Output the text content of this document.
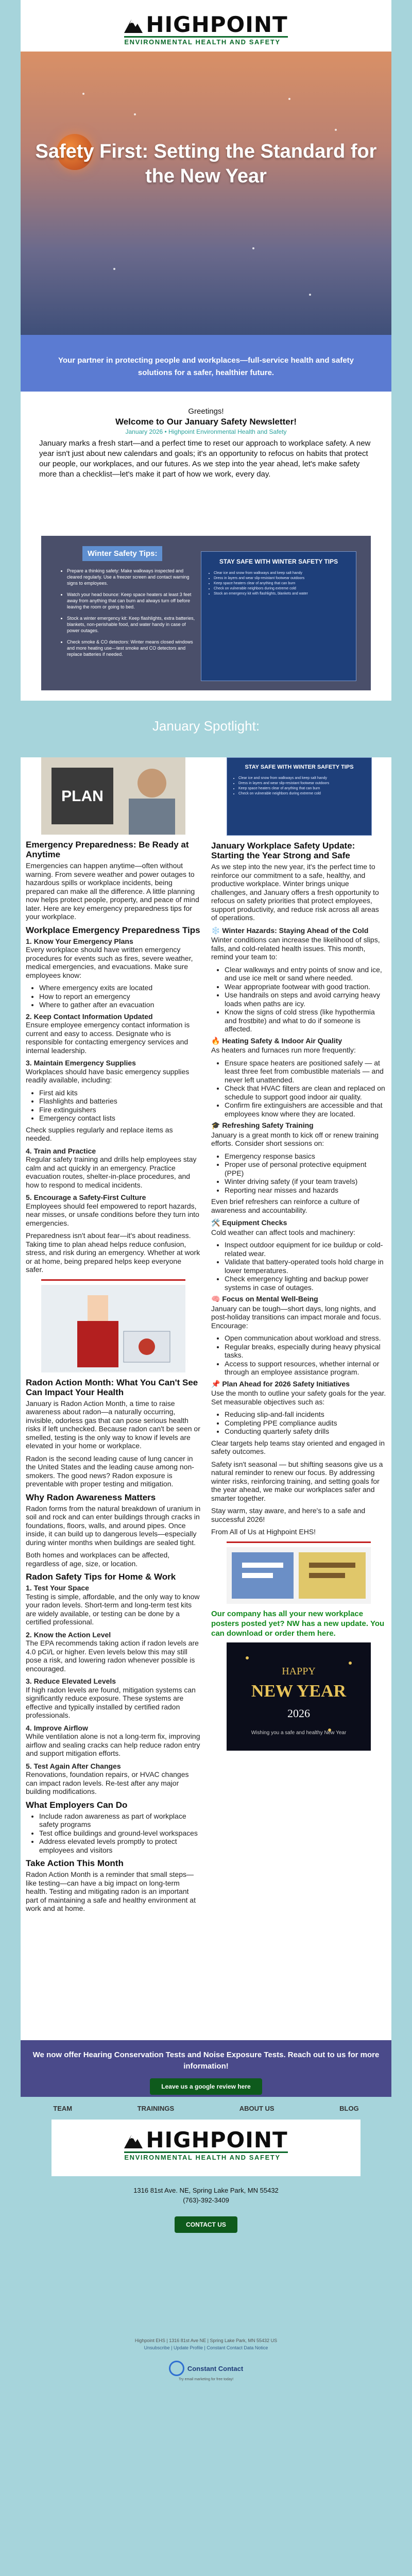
HIGHPOINT
ENVIRONMENTAL HEALTH AND SAFETY
Safety First: Setting the Standard for the New Year

Your partner in protecting people and workplaces—full-service health and safety solutions for a safer, healthier future.

Greetings!
Welcome to Our January Safety Newsletter!
January 2026 • Highpoint Environmental Health and Safety
January marks a fresh start—and a perfect time to reset our approach to workplace safety. A new year isn't just about new calendars and goals; it's an opportunity to refocus on habits that protect our people, our workplaces, and our futures. As we step into the year ahead, let's make safety more than a checklist—let's make it part of how we work, every day.
Winter Safety Tips:
• Prepare a thinking safety: Make walkways inspected and cleared regularly. Use a freezer screen and contact warning signs to employees.
• Watch your head bounce: Keep space heaters at least 3 feet away from anything that can burn and always turn off before leaving the room or going to bed.
• Stock a winter emergency kit: Keep flashlights, extra batteries, blankets, non-perishable food, and water handy in case of power outages.
• Check smoke & CO detectors: Winter means closed windows and more heating use—test smoke and CO detectors and replace batteries if needed.
STAY SAFE WITH WINTER SAFETY TIPS
• Clear ice and snow from walkways and keep salt handy
• Dress in layers and wear slip-resistant footwear outdoors
• Keep space heaters clear of anything that can burn
• Check on vulnerable neighbors during extreme cold
• Stock an emergency kit with flashlights, blankets and water
January Spotlight:
PLAN
Emergency Preparedness: Be Ready at Anytime

Emergencies can happen anytime—often without warning. From severe weather and power outages to hazardous spills or workplace incidents, being prepared can make all the difference. A little planning now helps protect people, property, and peace of mind later. Here are key emergency preparedness tips for your workplace.

Workplace Emergency Preparedness Tips
1. Know Your Emergency Plans

Every workplace should have written emergency procedures for events such as fires, severe weather, medical emergencies, and evacuations. Make sure employees know:

• Where emergency exits are located
• How to report an emergency
• Where to gather after an evacuation
2. Keep Contact Information Updated

Ensure employee emergency contact information is current and easy to access. Designate who is responsible for contacting emergency services and internal leadership.

3. Maintain Emergency Supplies

Workplaces should have basic emergency supplies readily available, including:

• First aid kits
• Flashlights and batteries
• Fire extinguishers
• Emergency contact lists

Check supplies regularly and replace items as needed.

4. Train and Practice

Regular safety training and drills help employees stay calm and act quickly in an emergency. Practice evacuation routes, shelter-in-place procedures, and how to respond to medical incidents.

5. Encourage a Safety-First Culture

Employees should feel empowered to report hazards, near misses, or unsafe conditions before they turn into emergencies.

Preparedness isn't about fear—it's about readiness. Taking time to plan ahead helps reduce confusion, stress, and risk during an emergency. Whether at work or at home, being prepared helps keep everyone safer.

Radon Action Month: What You Can't See Can Impact Your Health

January is Radon Action Month, a time to raise awareness about radon—a naturally occurring, invisible, odorless gas that can pose serious health risks if left unchecked. Because radon can't be seen or smelled, testing is the only way to know if levels are elevated in your home or workplace.

Radon is the second leading cause of lung cancer in the United States and the leading cause among non-smokers. The good news? Radon exposure is preventable with proper testing and mitigation.

Why Radon Awareness Matters

Radon forms from the natural breakdown of uranium in soil and rock and can enter buildings through cracks in foundations, floors, walls, and around pipes. Once inside, it can build up to dangerous levels—especially during winter months when buildings are sealed tight.

Both homes and workplaces can be affected, regardless of age, size, or location.

Radon Safety Tips for Home & Work
1. Test Your Space

Testing is simple, affordable, and the only way to know your radon levels. Short-term and long-term test kits are widely available, or testing can be done by a certified professional.

2. Know the Action Level

The EPA recommends taking action if radon levels are 4.0 pCi/L or higher. Even levels below this may still pose a risk, and lowering radon whenever possible is encouraged.

3. Reduce Elevated Levels

If high radon levels are found, mitigation systems can significantly reduce exposure. These systems are effective and typically installed by certified radon professionals.

4. Improve Airflow

While ventilation alone is not a long-term fix, improving airflow and sealing cracks can help reduce radon entry and support mitigation efforts.

5. Test Again After Changes

Renovations, foundation repairs, or HVAC changes can impact radon levels. Re-test after any major building modifications.

What Employers Can Do
• Include radon awareness as part of workplace safety programs
• Test office buildings and ground-level workspaces
• Address elevated levels promptly to protect employees and visitors
Take Action This Month

Radon Action Month is a reminder that small steps—like testing—can have a big impact on long-term health. Testing and mitigating radon is an important part of maintaining a safe and healthy environment at work and at home.

STAY SAFE WITH WINTER SAFETY TIPS
• Clear ice and snow from walkways and keep salt handy
• Dress in layers and wear slip-resistant footwear outdoors
• Keep space heaters clear of anything that can burn
• Check on vulnerable neighbors during extreme cold
January Workplace Safety Update: Starting the Year Strong and Safe

As we step into the new year, it's the perfect time to reinforce our commitment to a safe, healthy, and productive workplace. Winter brings unique challenges, and January offers a fresh opportunity to refocus on safety priorities that protect employees, support productivity, and reduce risk across all areas of operations.

❄️ Winter Hazards: Staying Ahead of the Cold

Winter conditions can increase the likelihood of slips, falls, and cold-related health issues. This month, remind your team to:

• Clear walkways and entry points of snow and ice, and use ice melt or sand where needed.
• Wear appropriate footwear with good traction.
• Use handrails on steps and avoid carrying heavy loads when paths are icy.
• Know the signs of cold stress (like hypothermia and frostbite) and what to do if someone is affected.
🔥 Heating Safety & Indoor Air Quality

As heaters and furnaces run more frequently:

• Ensure space heaters are positioned safely — at least three feet from combustible materials — and never left unattended.
• Check that HVAC filters are clean and replaced on schedule to support good indoor air quality.
• Confirm fire extinguishers are accessible and that employees know where they are located.
🎓 Refreshing Safety Training

January is a great month to kick off or renew training efforts. Consider short sessions on:

• Emergency response basics
• Proper use of personal protective equipment (PPE)
• Winter driving safety (if your team travels)
• Reporting near misses and hazards

Even brief refreshers can reinforce a culture of awareness and accountability.

🛠️ Equipment Checks

Cold weather can affect tools and machinery:

• Inspect outdoor equipment for ice buildup or cold-related wear.
• Validate that battery-operated tools hold charge in lower temperatures.
• Check emergency lighting and backup power systems in case of outages.
🧠 Focus on Mental Well-Being

January can be tough—short days, long nights, and post-holiday transitions can impact morale and focus. Encourage:

• Open communication about workload and stress.
• Regular breaks, especially during heavy physical tasks.
• Access to support resources, whether internal or through an employee assistance program.
📌 Plan Ahead for 2026 Safety Initiatives

Use the month to outline your safety goals for the year. Set measurable objectives such as:

• Reducing slip-and-fall incidents
• Completing PPE compliance audits
• Conducting quarterly safety drills

Clear targets help teams stay oriented and engaged in safety outcomes.

Safety isn't seasonal — but shifting seasons give us a natural reminder to renew our focus. By addressing winter risks, reinforcing training, and setting goals for the year ahead, we make our workplaces safer and smarter together.

Stay warm, stay aware, and here's to a safe and successful 2026!

From All of Us at Highpoint EHS!

Our company has all your new workplace posters posted yet? NW has a new update. You can download or order them here.

HAPPY
NEW YEAR
2026
Wishing you a safe and healthy New Year

We now offer Hearing Conservation Tests and Noise Exposure Tests. Reach out to us for more information!

Leave us a google review here
TEAM	TRAININGS	ABOUT US	BLOG
HIGHPOINT
ENVIRONMENTAL HEALTH AND SAFETY
1316 81st Ave. NE, Spring Lake Park, MN 55432
(763)-392-3409
CONTACT US
Highpoint EHS | 1316 81st Ave NE | Spring Lake Park, MN 55432 US
Unsubscribe | Update Profile | Constant Contact Data Notice
Constant Contact
Try email marketing for free today!
